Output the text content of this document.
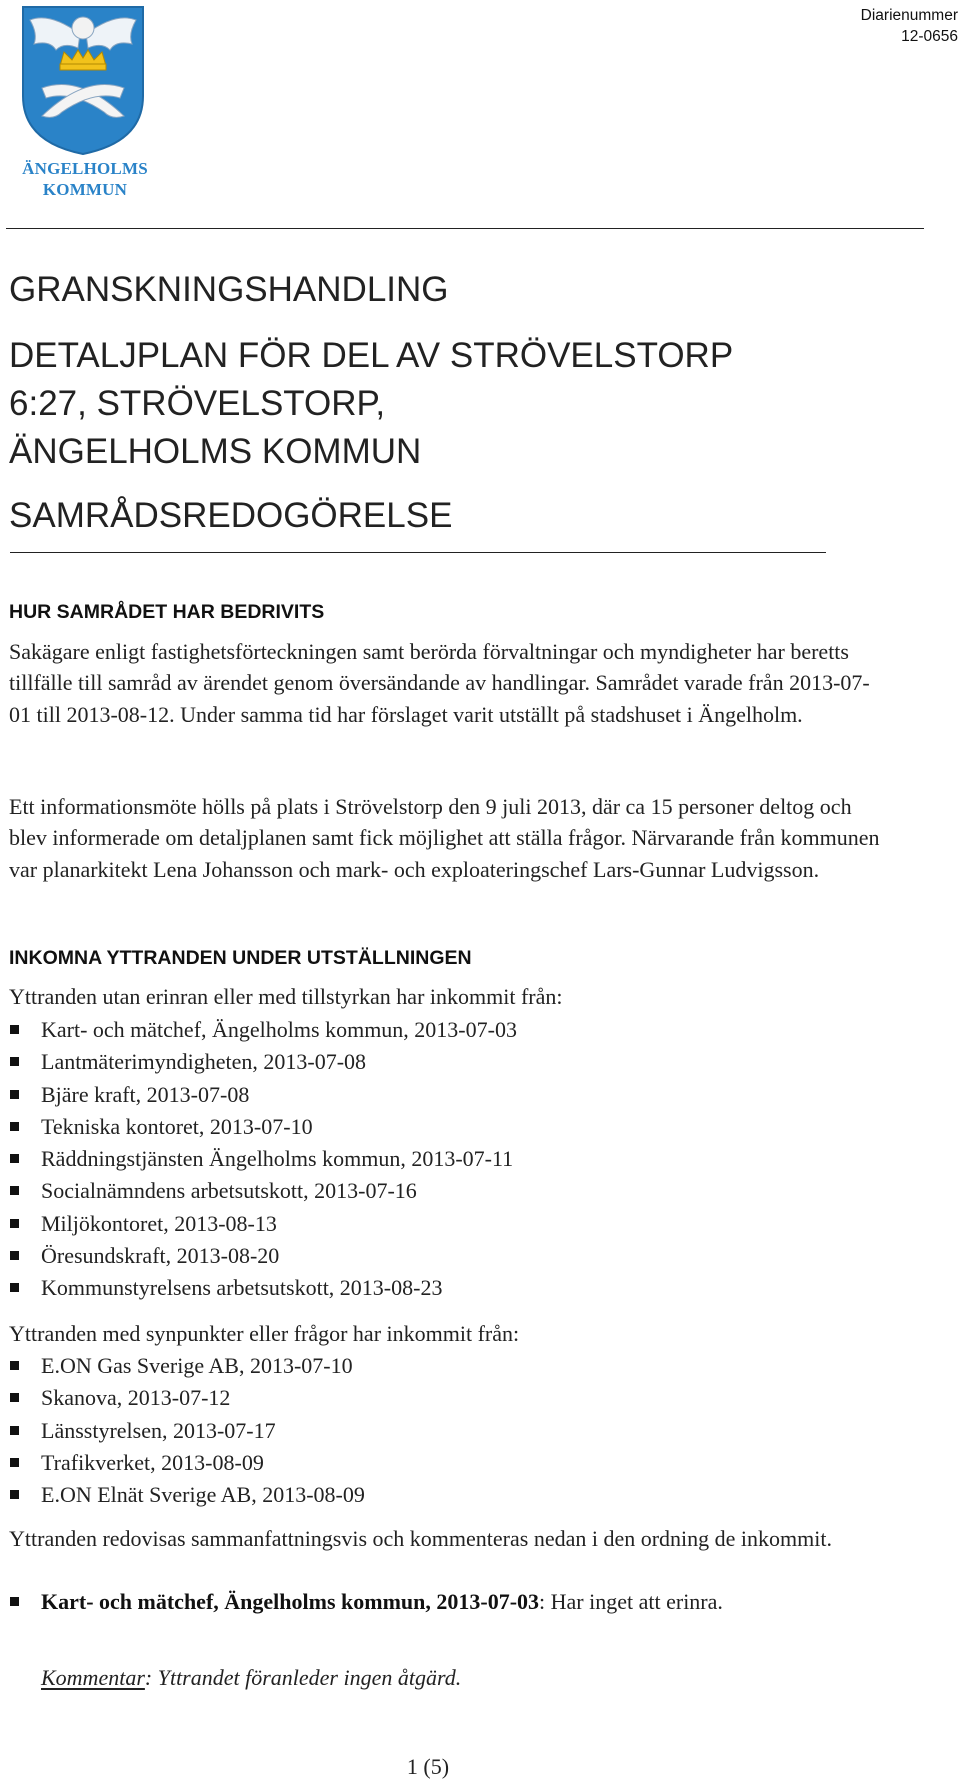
ÄNGELHOLMS
KOMMUN
Diarienummer
12-0656
GRANSKNINGSHANDLING
DETALJPLAN FÖR DEL AV STRÖVELSTORP
6:27, STRÖVELSTORP,
ÄNGELHOLMS KOMMUN
SAMRÅDSREDOGÖRELSE
HUR SAMRÅDET HAR BEDRIVITS
Sakägare enligt fastighetsförteckningen samt berörda förvaltningar och myndigheter har beretts tillfälle till samråd av ärendet genom översändande av handlingar. Samrådet varade från 2013-07-01 till 2013-08-12. Under samma tid har förslaget varit utställt på stadshuset i Ängelholm.
Ett informationsmöte hölls på plats i Strövelstorp den 9 juli 2013, där ca 15 personer deltog och blev informerade om detaljplanen samt fick möjlighet att ställa frågor. Närvarande från kommunen var planarkitekt Lena Johansson och mark- och exploateringschef Lars-Gunnar Ludvigsson.
INKOMNA YTTRANDEN UNDER UTSTÄLLNINGEN
Yttranden utan erinran eller med tillstyrkan har inkommit från:
Kart- och mätchef, Ängelholms kommun, 2013-07-03
Lantmäterimyndigheten, 2013-07-08
Bjäre kraft, 2013-07-08
Tekniska kontoret, 2013-07-10
Räddningstjänsten Ängelholms kommun, 2013-07-11
Socialnämndens arbetsutskott, 2013-07-16
Miljökontoret, 2013-08-13
Öresundskraft, 2013-08-20
Kommunstyrelsens arbetsutskott, 2013-08-23
Yttranden med synpunkter eller frågor har inkommit från:
E.ON Gas Sverige AB, 2013-07-10
Skanova, 2013-07-12
Länsstyrelsen, 2013-07-17
Trafikverket, 2013-08-09
E.ON Elnät Sverige AB, 2013-08-09
Yttranden redovisas sammanfattningsvis och kommenteras nedan i den ordning de inkommit.
Kart- och mätchef, Ängelholms kommun, 2013-07-03: Har inget att erinra.
Kommentar: Yttrandet föranleder ingen åtgärd.
1 (5)
